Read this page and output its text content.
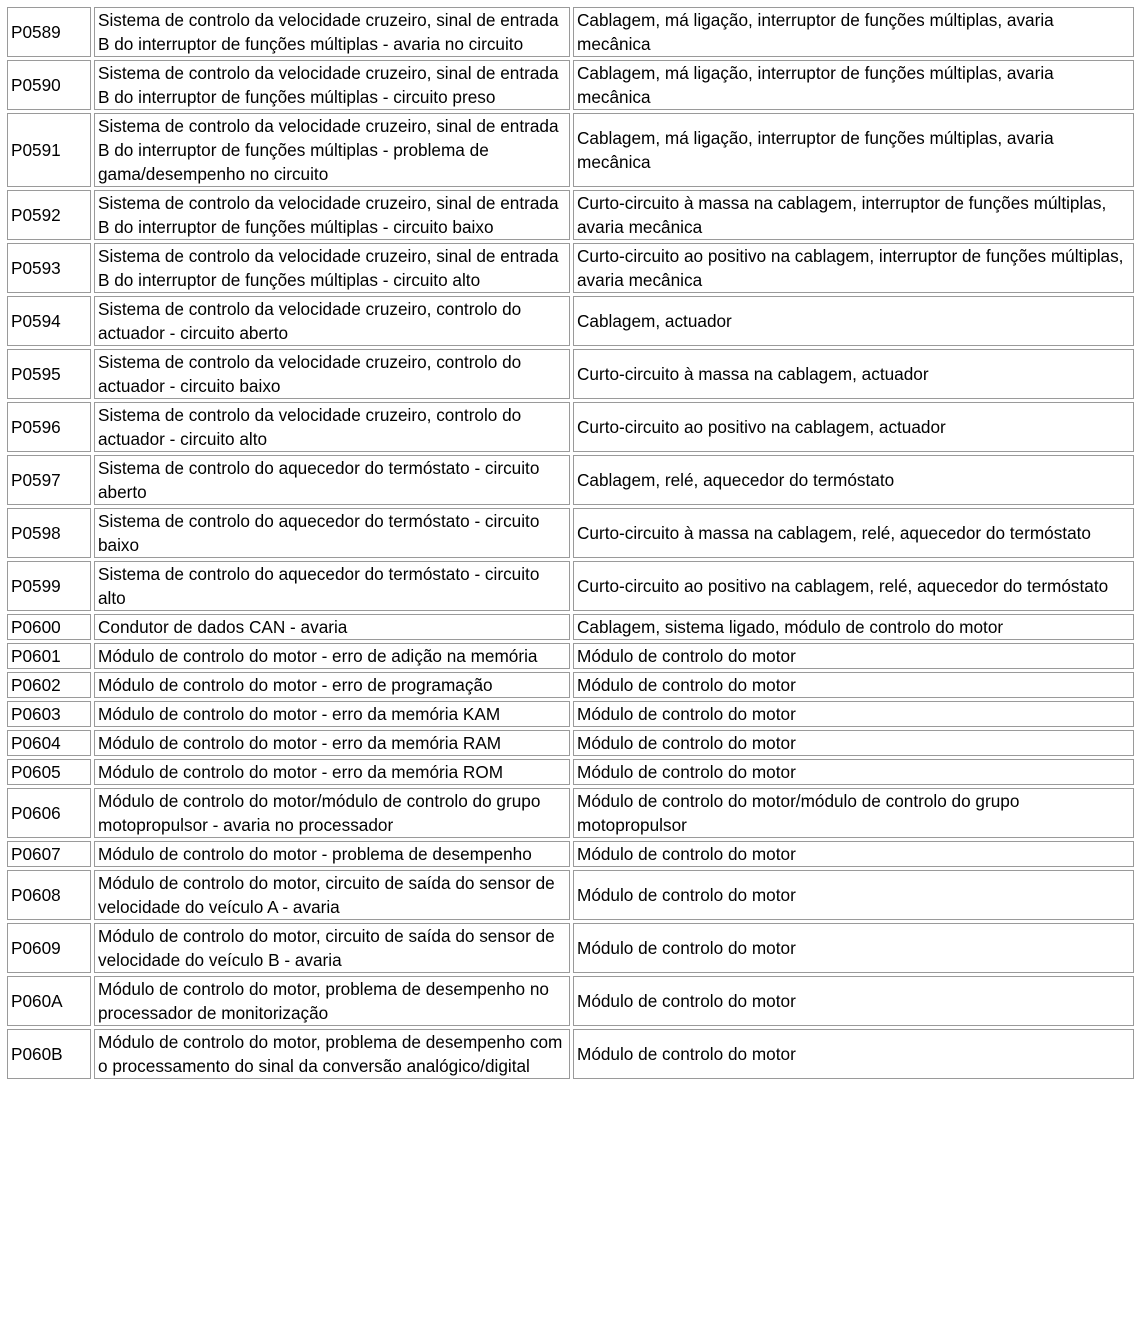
P0589	Sistema de controlo da velocidade cruzeiro, sinal de entrada B do interruptor de funções múltiplas - avaria no circuito	Cablagem, má ligação, interruptor de funções múltiplas, avaria mecânica
P0590	Sistema de controlo da velocidade cruzeiro, sinal de entrada B do interruptor de funções múltiplas - circuito preso	Cablagem, má ligação, interruptor de funções múltiplas, avaria mecânica
P0591	Sistema de controlo da velocidade cruzeiro, sinal de entrada B do interruptor de funções múltiplas - problema de gama/desempenho no circuito	Cablagem, má ligação, interruptor de funções múltiplas, avaria mecânica
P0592	Sistema de controlo da velocidade cruzeiro, sinal de entrada B do interruptor de funções múltiplas - circuito baixo	Curto-circuito à massa na cablagem, interruptor de funções múltiplas, avaria mecânica
P0593	Sistema de controlo da velocidade cruzeiro, sinal de entrada B do interruptor de funções múltiplas - circuito alto	Curto-circuito ao positivo na cablagem, interruptor de funções múltiplas, avaria mecânica
P0594	Sistema de controlo da velocidade cruzeiro, controlo do actuador - circuito aberto	Cablagem, actuador
P0595	Sistema de controlo da velocidade cruzeiro, controlo do actuador - circuito baixo	Curto-circuito à massa na cablagem, actuador
P0596	Sistema de controlo da velocidade cruzeiro, controlo do actuador - circuito alto	Curto-circuito ao positivo na cablagem, actuador
P0597	Sistema de controlo do aquecedor do termóstato - circuito aberto	Cablagem, relé, aquecedor do termóstato
P0598	Sistema de controlo do aquecedor do termóstato - circuito baixo	Curto-circuito à massa na cablagem, relé, aquecedor do termóstato
P0599	Sistema de controlo do aquecedor do termóstato - circuito alto	Curto-circuito ao positivo na cablagem, relé, aquecedor do termóstato
P0600	Condutor de dados CAN - avaria	Cablagem, sistema ligado, módulo de controlo do motor
P0601	Módulo de controlo do motor - erro de adição na memória	Módulo de controlo do motor
P0602	Módulo de controlo do motor - erro de programação	Módulo de controlo do motor
P0603	Módulo de controlo do motor - erro da memória KAM	Módulo de controlo do motor
P0604	Módulo de controlo do motor - erro da memória RAM	Módulo de controlo do motor
P0605	Módulo de controlo do motor - erro da memória ROM	Módulo de controlo do motor
P0606	Módulo de controlo do motor/módulo de controlo do grupo motopropulsor - avaria no processador	Módulo de controlo do motor/módulo de controlo do grupo motopropulsor
P0607	Módulo de controlo do motor - problema de desempenho	Módulo de controlo do motor
P0608	Módulo de controlo do motor, circuito de saída do sensor de velocidade do veículo A - avaria	Módulo de controlo do motor
P0609	Módulo de controlo do motor, circuito de saída do sensor de velocidade do veículo B - avaria	Módulo de controlo do motor
P060A	Módulo de controlo do motor, problema de desempenho no processador de monitorização	Módulo de controlo do motor
P060B	Módulo de controlo do motor, problema de desempenho com o processamento do sinal da conversão analógico/digital	Módulo de controlo do motor
